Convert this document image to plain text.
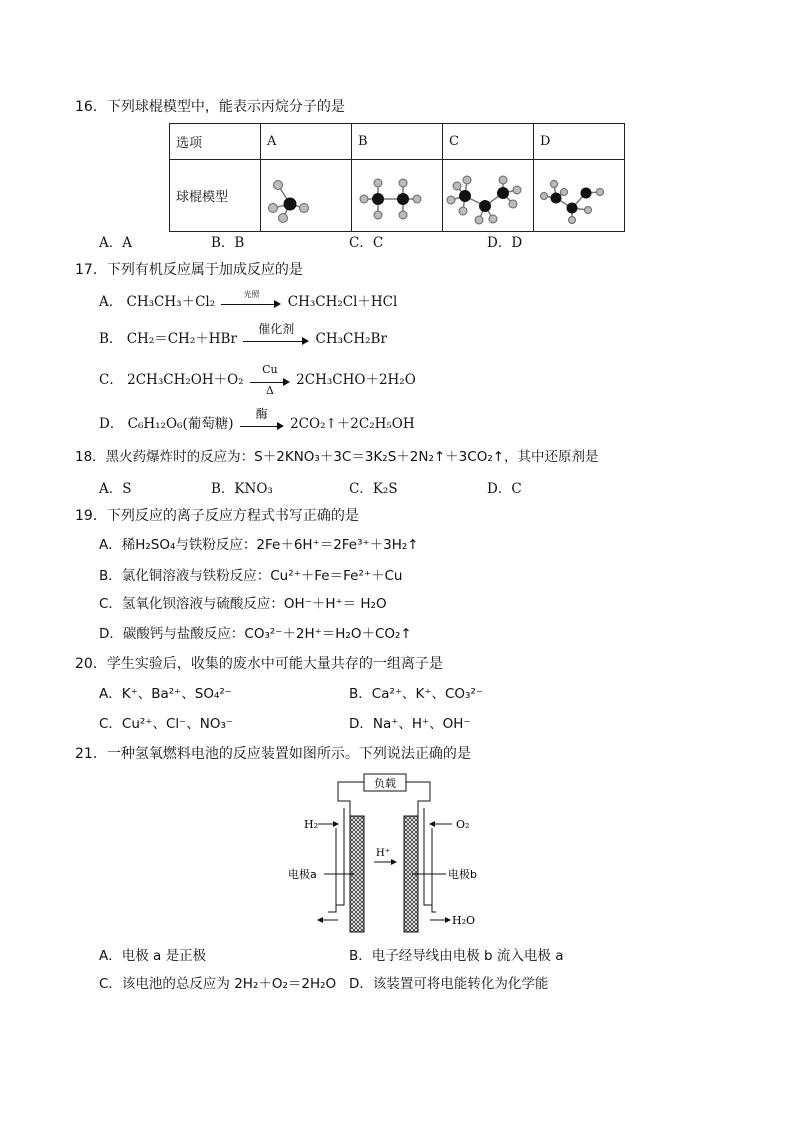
16．下列球棍模型中，能表示丙烷分子的是
选项	A	B	C	D
球棍模型				
A．A	B．B	C．C	D．D
17．下列有机反应属于加成反应的是
A． CH₃CH₃＋Cl₂	光照	CH₃CH₂Cl＋HCl
B． CH₂＝CH₂＋HBr
催化剂
CH₃CH₂Br
C． $2CH_3CH_2OH+O_2 \frac{Cu}{\Delta} 2CH_3CHO+2H_2O$
D． C₆H₁₂O₆(葡萄糖)
酶
2CO₂↑＋2C₂H₅OH
18．黑火药爆炸时的反应为：S＋2KNO₃＋3C＝3K₂S＋2N₂↑＋3CO₂↑，其中还原剂是
A．S	B．KNO₃	C．K₂S	D．C
19．下列反应的离子反应方程式书写正确的是
A．稀H₂SO₄与铁粉反应：2Fe＋6H⁺＝2Fe³⁺＋3H₂↑
B．氯化铜溶液与铁粉反应：Cu²⁺＋Fe＝Fe²⁺＋Cu
C．氢氧化钡溶液与硫酸反应：OH⁻＋H⁺＝ H₂O
D．碳酸钙与盐酸反应：CO₃²⁻＋2H⁺＝H₂O＋CO₂↑
20．学生实验后，收集的废水中可能大量共存的一组离子是
A．K⁺、Ba²⁺、SO₄²⁻	B．Ca²⁺、K⁺、CO₃²⁻
C．Cu²⁺、Cl⁻、NO₃⁻	D．Na⁺、H⁺、OH⁻
21．一种氢氧燃料电池的反应装置如图所示。下列说法正确的是
负载
H₂	O₂
H⁺
电极a	电极b
H₂O
A．电极 a 是正极	B．电子经导线由电极 b 流入电极 a
C．该电池的总反应为 2H₂＋O₂＝2H₂O D．该装置可将电能转化为化学能
